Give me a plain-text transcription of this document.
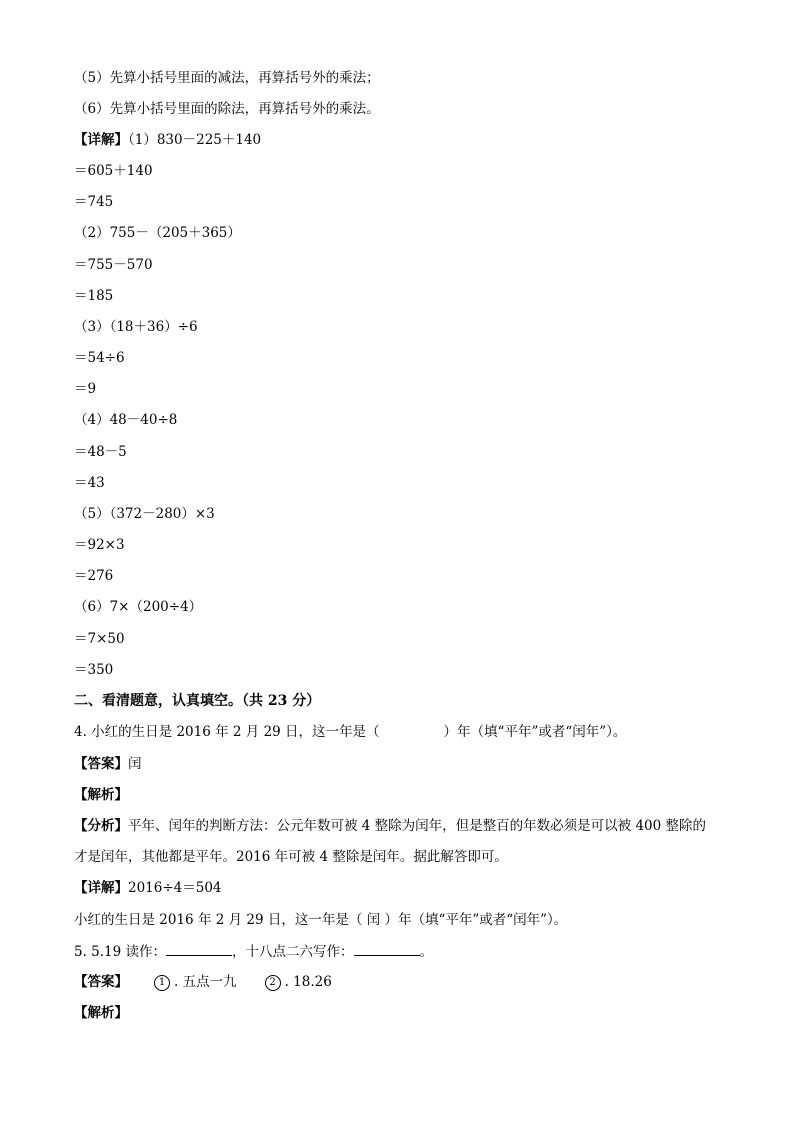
（5）先算小括号里面的减法，再算括号外的乘法；
（6）先算小括号里面的除法，再算括号外的乘法。
【详解】（1）830－225＋140
＝605＋140
＝745
（2）755－（205＋365）
＝755－570
＝185
（3）（18＋36）÷6
＝54÷6
＝9
（4）48－40÷8
＝48－5
＝43
（5）（372－280）×3
＝92×3
＝276
（6）7×（200÷4）
＝7×50
＝350
二、看清题意，认真填空。（共 23 分）
4. 小红的生日是 2016 年 2 月 29 日，这一年是（	）年（填“平年”或者“闰年”）。
【答案】闰
【解析】
【分析】平年、闰年的判断方法：公元年数可被 4 整除为闰年，但是整百的年数必须是可以被 400 整除的
才是闰年，其他都是平年。2016 年可被 4 整除是闰年。据此解答即可。
【详解】2016÷4＝504
小红的生日是 2016 年 2 月 29 日，这一年是（ 闰 ）年（填“平年”或者“闰年”）。
5. 5.19 读作：	，十八点二六写作：	。
【答案】	1 . 五点一九	2 . 18.26
【解析】
